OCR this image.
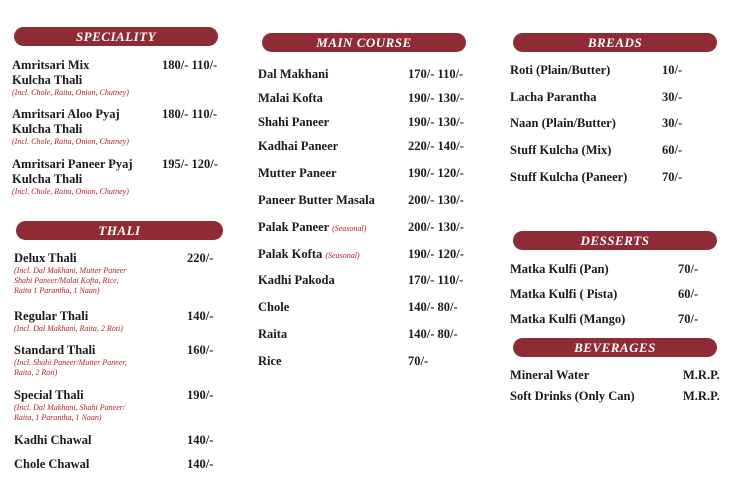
SPECIALITY
Amritsari Mix
Kulcha Thali
180/- 110/-
(Incl. Chole, Raita, Onion, Chutney)
Amritsari Aloo Pyaj
Kulcha Thali
180/- 110/-
(Incl. Chole, Raita, Onion, Chutney)
Amritsari Paneer Pyaj
Kulcha Thali
195/- 120/-
(Incl. Chole, Raita, Onion, Chutney)
THALI
Delux Thali	220/-
(Incl. Dal Makhani, Mutter Paneer
Shahi Paneer/Malai Kofta, Rice,
Raita 1 Parantha, 1 Naan)
Regular Thali	140/-
(Incl. Dal Makhani, Raita, 2 Roti)
Standard Thali	160/-
(Incl. Shahi Paneer/Mutter Paneer,
Raita, 2 Roti)
Special Thali	190/-
(Incl. Dal Makhani, Shahi Paneer/
Raita, 1 Parantha, 1 Naan)
Kadhi Chawal	140/-
Chole Chawal	140/-
MAIN COURSE
Dal Makhani	170/- 110/-
Malai Kofta	190/- 130/-
Shahi Paneer	190/- 130/-
Kadhai Paneer	220/- 140/-
Mutter Paneer	190/- 120/-
Paneer Butter Masala	200/- 130/-
Palak Paneer (Seasonal)	200/- 130/-
Palak Kofta (Seasonal)	190/- 120/-
Kadhi Pakoda	170/- 110/-
Chole	140/- 80/-
Raita	140/- 80/-
Rice	70/-
BREADS
Roti (Plain/Butter)	10/-
Lacha Parantha	30/-
Naan (Plain/Butter)	30/-
Stuff Kulcha (Mix)	60/-
Stuff Kulcha (Paneer)	70/-
DESSERTS
Matka Kulfi (Pan)	70/-
Matka Kulfi ( Pista)	60/-
Matka Kulfi (Mango)	70/-
BEVERAGES
Mineral Water	M.R.P.
Soft Drinks (Only Can)	M.R.P.
